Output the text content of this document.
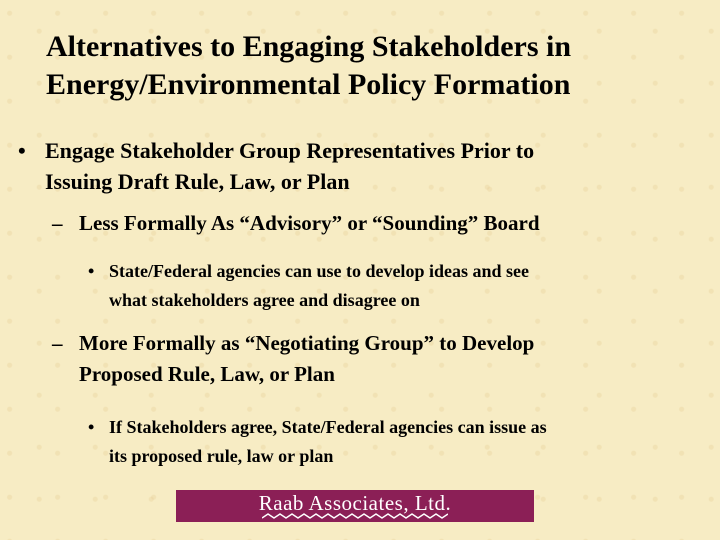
Alternatives to Engaging Stakeholders in
Energy/Environmental Policy Formation
• Engage Stakeholder Group Representatives Prior to
Issuing Draft Rule, Law, or Plan
– Less Formally As “Advisory” or “Sounding” Board
• State/Federal agencies can use to develop ideas and see
what stakeholders agree and disagree on
– More Formally as “Negotiating Group” to Develop
Proposed Rule, Law, or Plan
• If Stakeholders agree, State/Federal agencies can issue as
its proposed rule, law or plan
Raab Associates, Ltd.
